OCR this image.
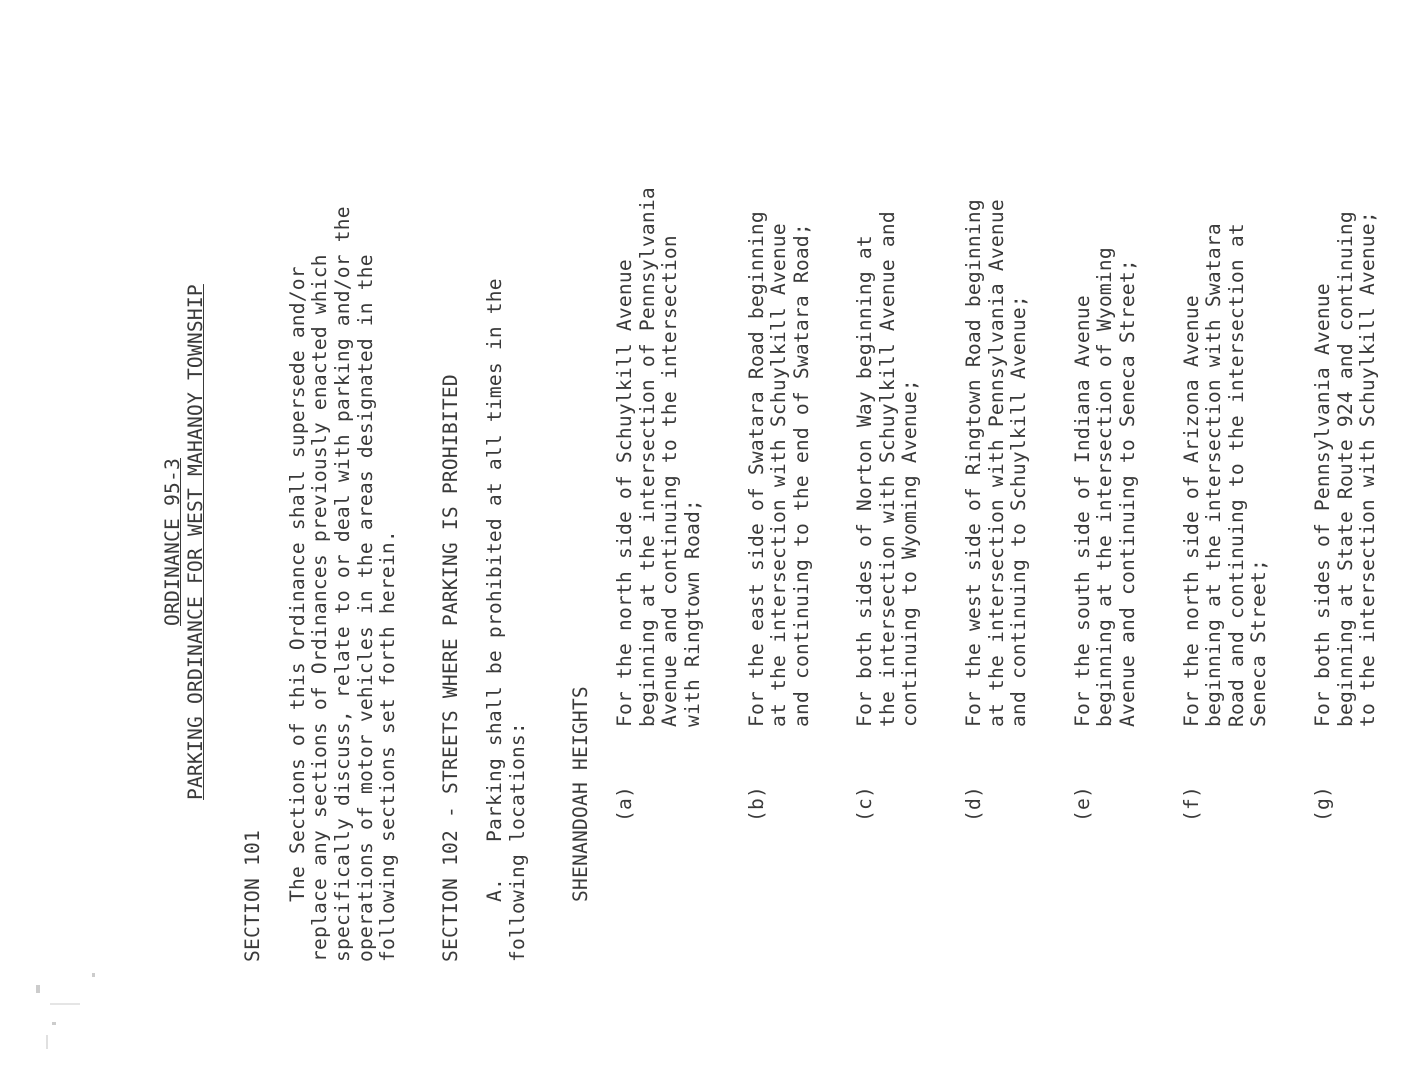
ORDINANCE 95-3 PARKING ORDINANCE FOR WEST MAHANOY TOWNSHIP
SECTION 101 The Sections of this Ordinance shall supersede and/or
replace any sections of Ordinances previously enacted which
specifically discuss, relate to or deal with parking and/or the
operations of motor vehicles in the areas designated in the
following sections set forth herein. SECTION 102 - STREETS WHERE PARKING IS PROHIBITED A.   Parking shall be prohibited at all times in the
following locations: SHENANDOAH HEIGHTS (a)
For the north side of Schuylkill Avenue
beginning at the intersection of Pennsylvania
Avenue and continuing to the intersection
with Ringtown Road;
(b)
For the east side of Swatara Road beginning
at the intersection with Schuylkill Avenue
and continuing to the end of Swatara Road;
(c)
For both sides of Norton Way beginning at
the intersection with Schuylkill Avenue and
continuing to Wyoming Avenue;
(d)
For the west side of Ringtown Road beginning
at the intersection with Pennsylvania Avenue
and continuing to Schuylkill Avenue;
(e)
For the south side of Indiana Avenue
beginning at the intersection of Wyoming
Avenue and continuing to Seneca Street;
(f)
For the north side of Arizona Avenue
beginning at the intersection with Swatara
Road and continuing to the intersection at
Seneca Street;
(g)
For both sides of Pennsylvania Avenue
beginning at State Route 924 and continuing
to the intersection with Schuylkill Avenue;
